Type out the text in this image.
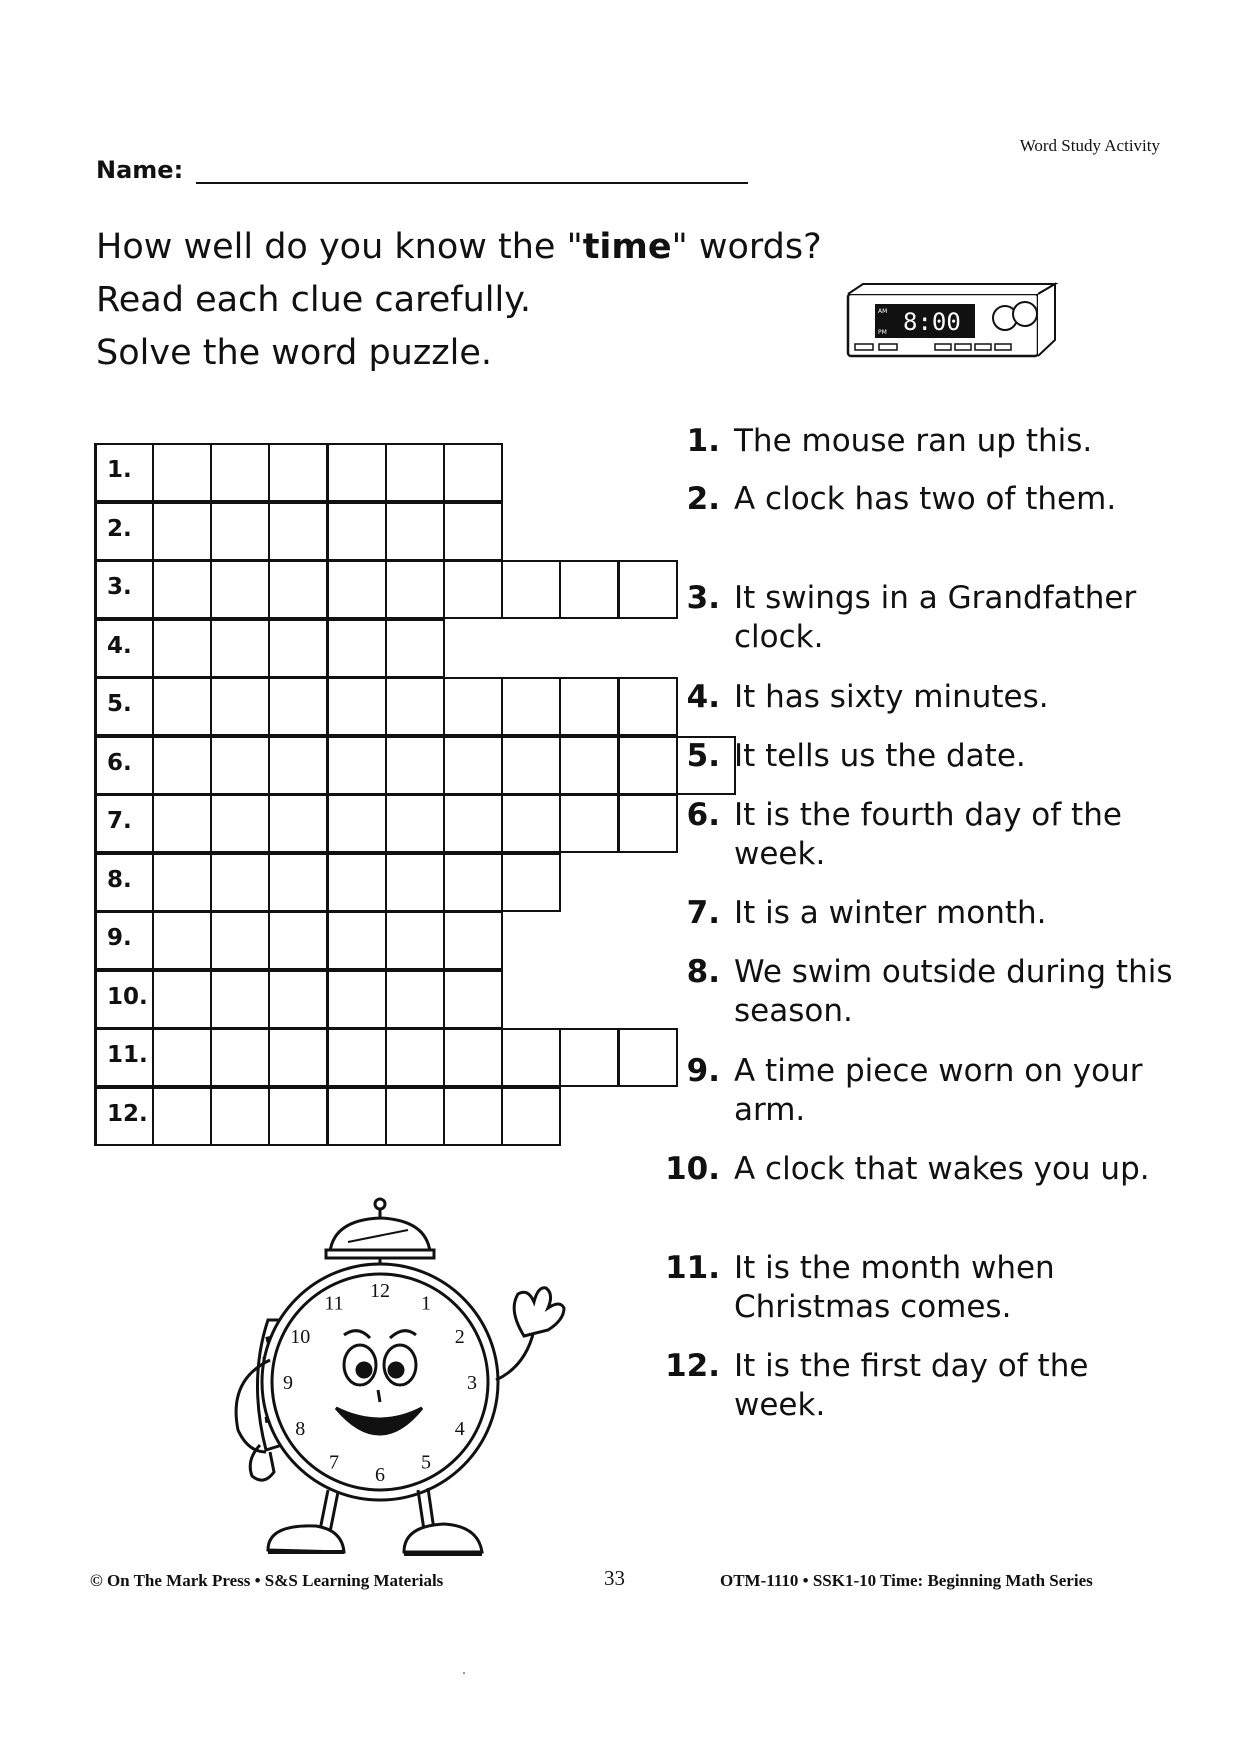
Word Study Activity
Name:
How well do you know the "time" words?
Read each clue carefully.
Solve the word puzzle.
AM
PM 8:00
1.
2.
3.
4.
5.
6.
7.
8.
9.
10.
11.
12.
1. The mouse ran up this.
2. A clock has two of them.
3. It swings in a Grandfather clock.
4. It has sixty minutes.
5. It tells us the date.
6. It is the fourth day of the week.
7. It is a winter month.
8. We swim outside during this season.
9. A time piece worn on your arm.
10. A clock that wakes you up.
11. It is the month when Christmas comes.
12. It is the first day of the week.
12
1
2
3
4
5
6
7
8
9
10
11
© On The Mark Press • S&S Learning Materials	33	OTM-1110 • SSK1-10 Time: Beginning Math Series
